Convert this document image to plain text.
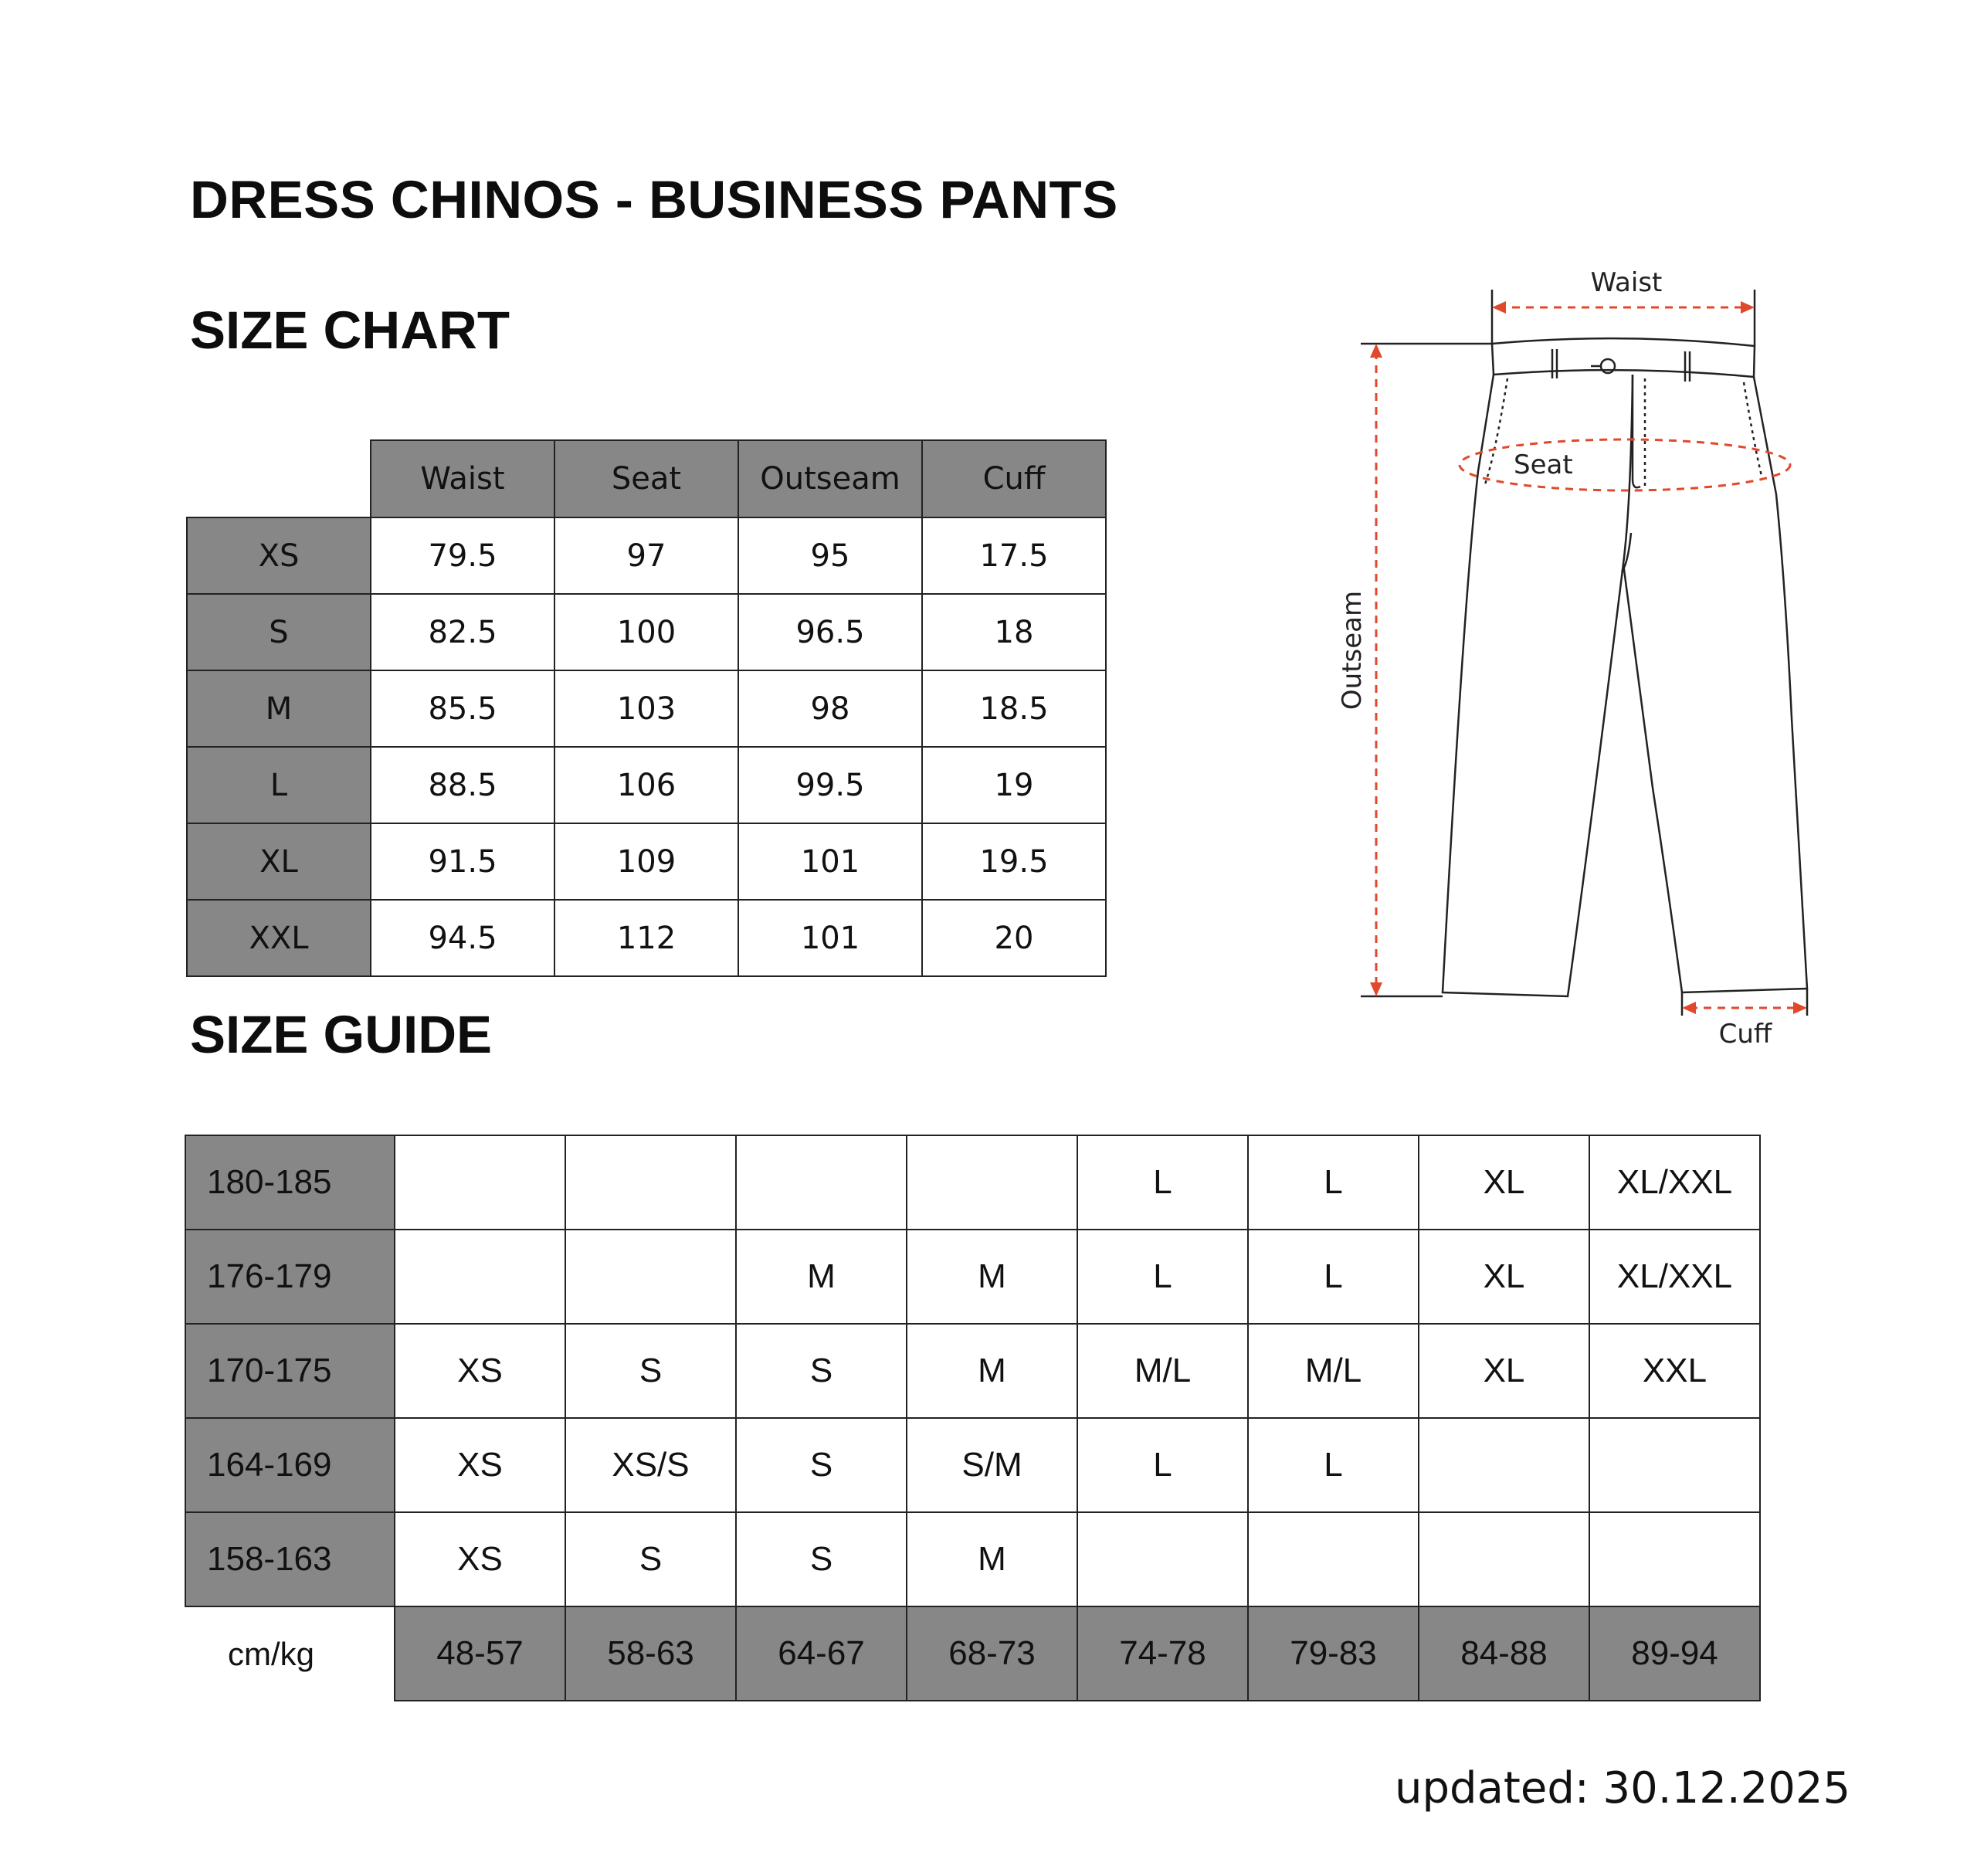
DRESS CHINOS - BUSINESS PANTS
SIZE CHART
	Waist	Seat	Outseam	Cuff
XS	79.5	97	95	17.5
S	82.5	100	96.5	18
M	85.5	103	98	18.5
L	88.5	106	99.5	19
XL	91.5	109	101	19.5
XXL	94.5	112	101	20
Waist
Seat
Outseam
Cuff
SIZE GUIDE
180-185					L	L	XL	XL/XXL
176-179			M	M	L	L	XL	XL/XXL
170-175	XS	S	S	M	M/L	M/L	XL	XXL
164-169	XS	XS/S	S	S/M	L	L		
158-163	XS	S	S	M				
cm/kg	48-57	58-63	64-67	68-73	74-78	79-83	84-88	89-94

updated: 30.12.2025
